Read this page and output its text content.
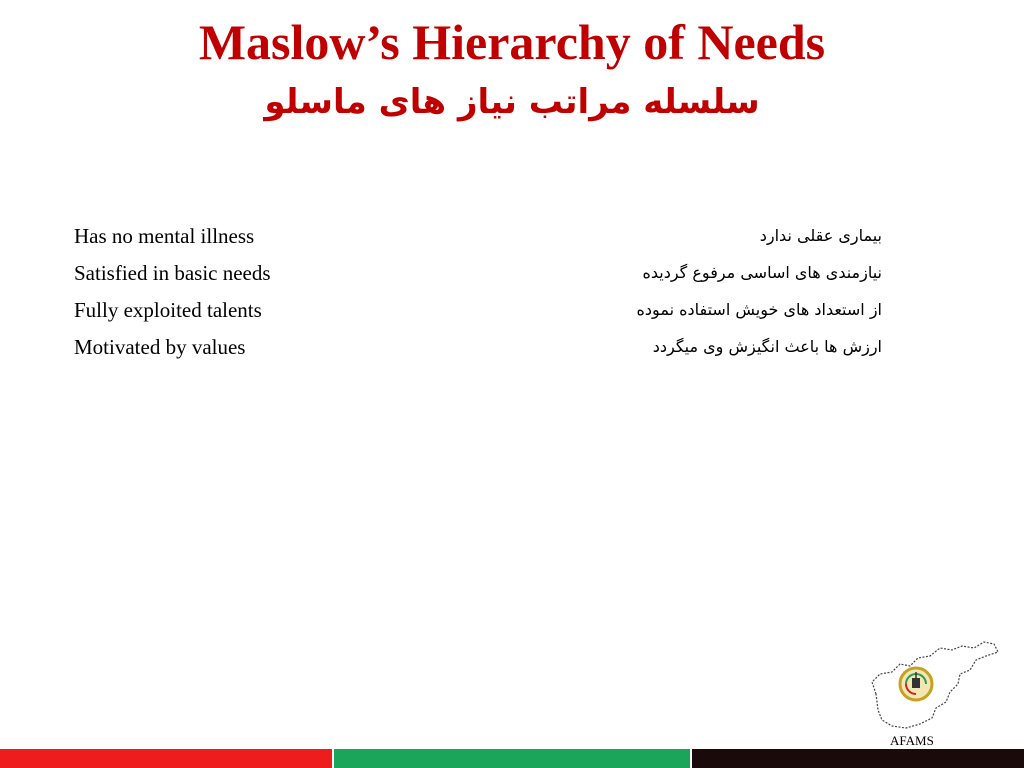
Maslow’s Hierarchy of Needs
سلسله مراتب نیاز های ماسلو
Has no mental illness	بیماری عقلی ندارد
Satisfied in basic needs	نیازمندی های اساسی مرفوع گردیده
Fully exploited talents	از استعداد های خویش استفاده نموده
Motivated by values	ارزش ها باعث انگیزش وی میگردد
AFAMS
